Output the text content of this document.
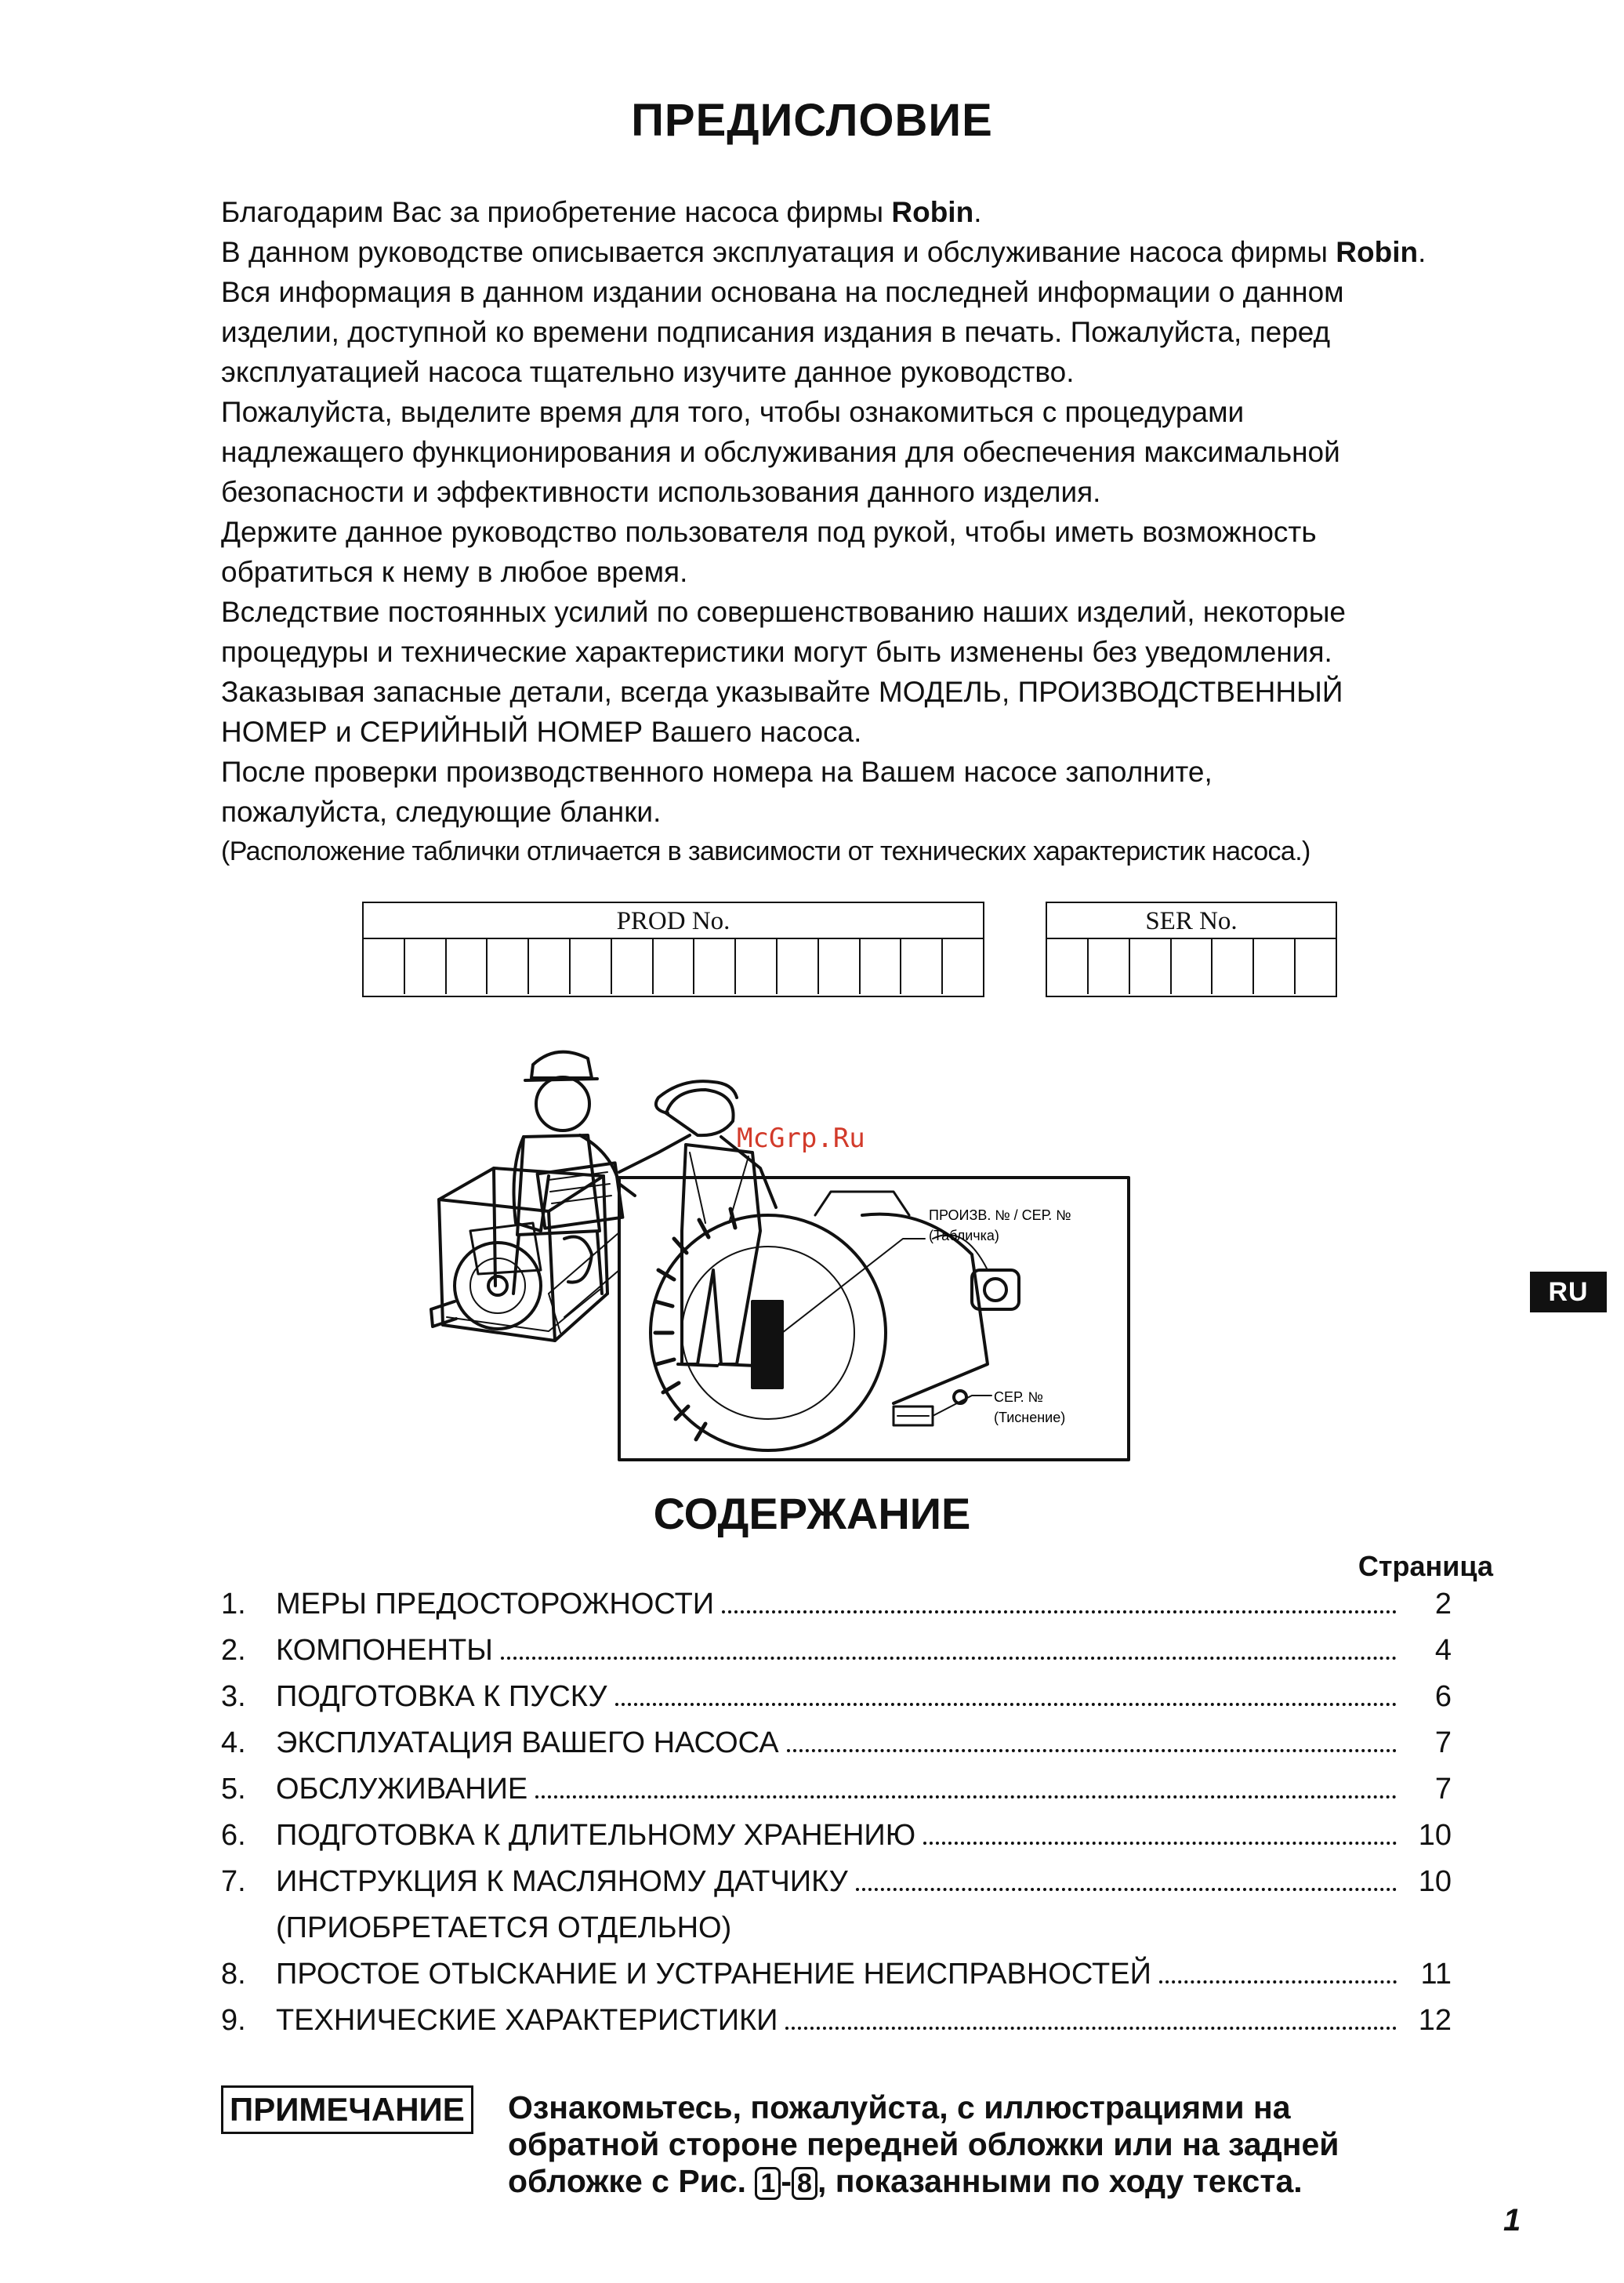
ПРЕДИСЛОВИЕ
Благодарим Вас за приобретение насоса фирмы Robin.
В данном руководстве описывается эксплуатация и обслуживание насоса фирмы Robin.
Вся информация в данном издании основана на последней информации о данном
изделии, доступной ко времени подписания издания в печать. Пожалуйста, перед
эксплуатацией насоса тщательно изучите данное руководство.
Пожалуйста, выделите время для того, чтобы ознакомиться с процедурами
надлежащего функционирования и обслуживания для обеспечения максимальной
безопасности и эффективности использования данного изделия.
Держите данное руководство пользователя под рукой, чтобы иметь возможность
обратиться к нему в любое время.
Вследствие постоянных усилий по совершенствованию наших изделий, некоторые
процедуры и технические характеристики могут быть изменены без уведомления.
Заказывая запасные детали, всегда указывайте МОДЕЛЬ, ПРОИЗВОДСТВЕННЫЙ
НОМЕР и СЕРИЙНЫЙ НОМЕР Вашего насоса.
После проверки производственного номера на Вашем насосе заполните,
пожалуйста, следующие бланки.
(Расположение таблички отличается в зависимости от технических характеристик насоса.)
PROD No.	SER No.
ПРОИЗВ. № / СЕР. №
(Табличка)
СЕР. №
(Тиснение)
McGrp.Ru
RU
СОДЕРЖАНИЕ
Страница
1.	МЕРЫ ПРЕДОСТОРОЖНОСТИ	2
2.	КОМПОНЕНТЫ	4
3.	ПОДГОТОВКА К ПУСКУ	6
4.	ЭКСПЛУАТАЦИЯ ВАШЕГО НАСОСА	7
5.	ОБСЛУЖИВАНИЕ	7
6.	ПОДГОТОВКА К ДЛИТЕЛЬНОМУ ХРАНЕНИЮ	10
7.	ИНСТРУКЦИЯ К МАСЛЯНОМУ ДАТЧИКУ	10
(ПРИОБРЕТАЕТСЯ ОТДЕЛЬНО)
8.	ПРОСТОЕ ОТЫСКАНИЕ И УСТРАНЕНИЕ НЕИСПРАВНОСТЕЙ	11
9.	ТЕХНИЧЕСКИЕ ХАРАКТЕРИСТИКИ	12
ПРИМЕЧАНИЕ Ознакомьтесь, пожалуйста, с иллюстрациями на
обратной стороне передней обложки или на задней
обложке с Рис. 1 - 8 , показанными по ходу текста.
1
